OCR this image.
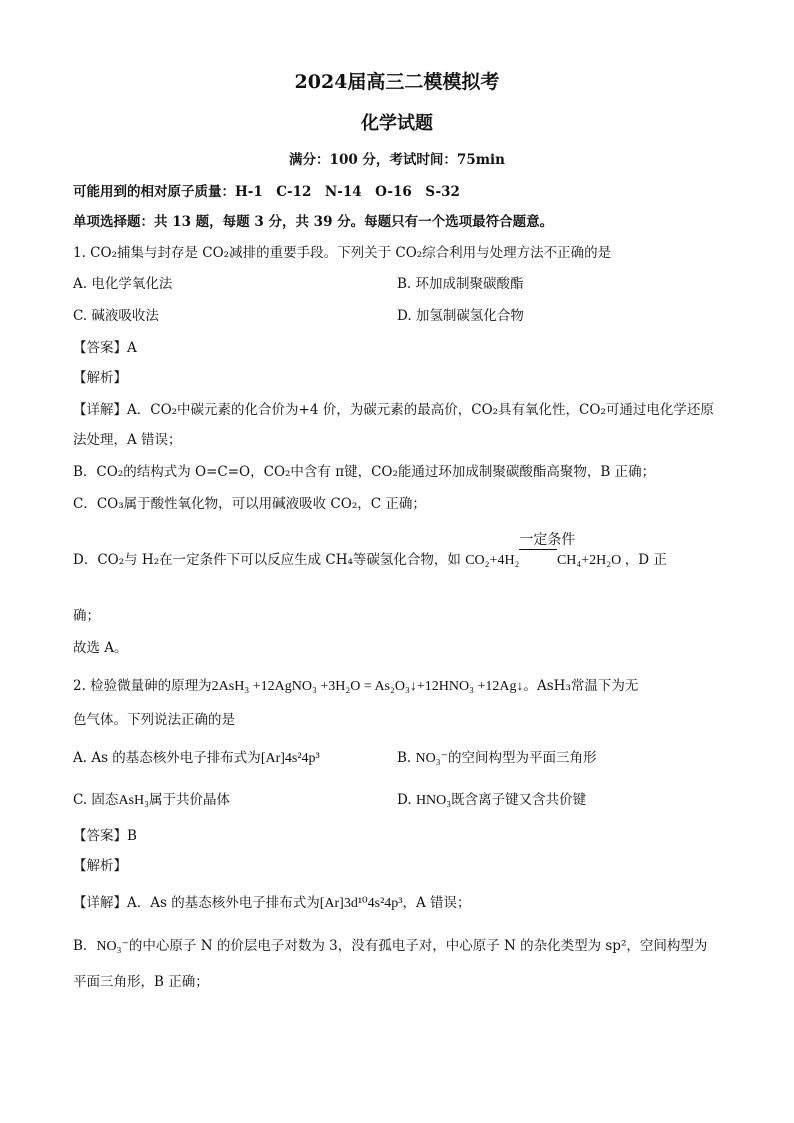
2024届高三二模模拟考
化学试题
满分：100 分，考试时间：75min
可能用到的相对原子质量：H-1　C-12　N-14　O-16　S-32
单项选择题：共 13 题，每题 3 分，共 39 分。每题只有一个选项最符合题意。
1. CO₂捕集与封存是 CO₂减排的重要手段。下列关于 CO₂综合利用与处理方法不正确的是
A. 电化学氧化法	B. 环加成制聚碳酸酯
C. 碱液吸收法	D. 加氢制碳氢化合物
【答案】A
【解析】
【详解】A．CO₂中碳元素的化合价为+4 价，为碳元素的最高价，CO₂具有氧化性，CO₂可通过电化学还原
法处理，A 错误；
B．CO₂的结构式为 O=C=O，CO₂中含有 π键，CO₂能通过环加成制聚碳酸酯高聚物，B 正确；
C．CO₃属于酸性氧化物，可以用碱液吸收 CO₂，C 正确；
D．CO₂与 H₂在一定条件下可以反应生成 CH₄等碳氢化合物，如 CO₂+4H₂
一定条件
CH₄+2H₂O ，D 正
确；
故选 A。
2. 检验微量砷的原理为2AsH₃ +12AgNO₃ +3H₂O = As₂O₃↓+12HNO₃ +12Ag↓。AsH₃常温下为无
色气体。下列说法正确的是
A. As 的基态核外电子排布式为[Ar]4s²4p³	B. NO₃⁻的空间构型为平面三角形
C. 固态AsH₃属于共价晶体	D. HNO₃既含离子键又含共价键
【答案】B
【解析】
【详解】A．As 的基态核外电子排布式为[Ar]3d¹⁰4s²4p³，A 错误；
B．NO₃⁻的中心原子 N 的价层电子对数为 3，没有孤电子对，中心原子 N 的杂化类型为 sp²，空间构型为
平面三角形，B 正确；
